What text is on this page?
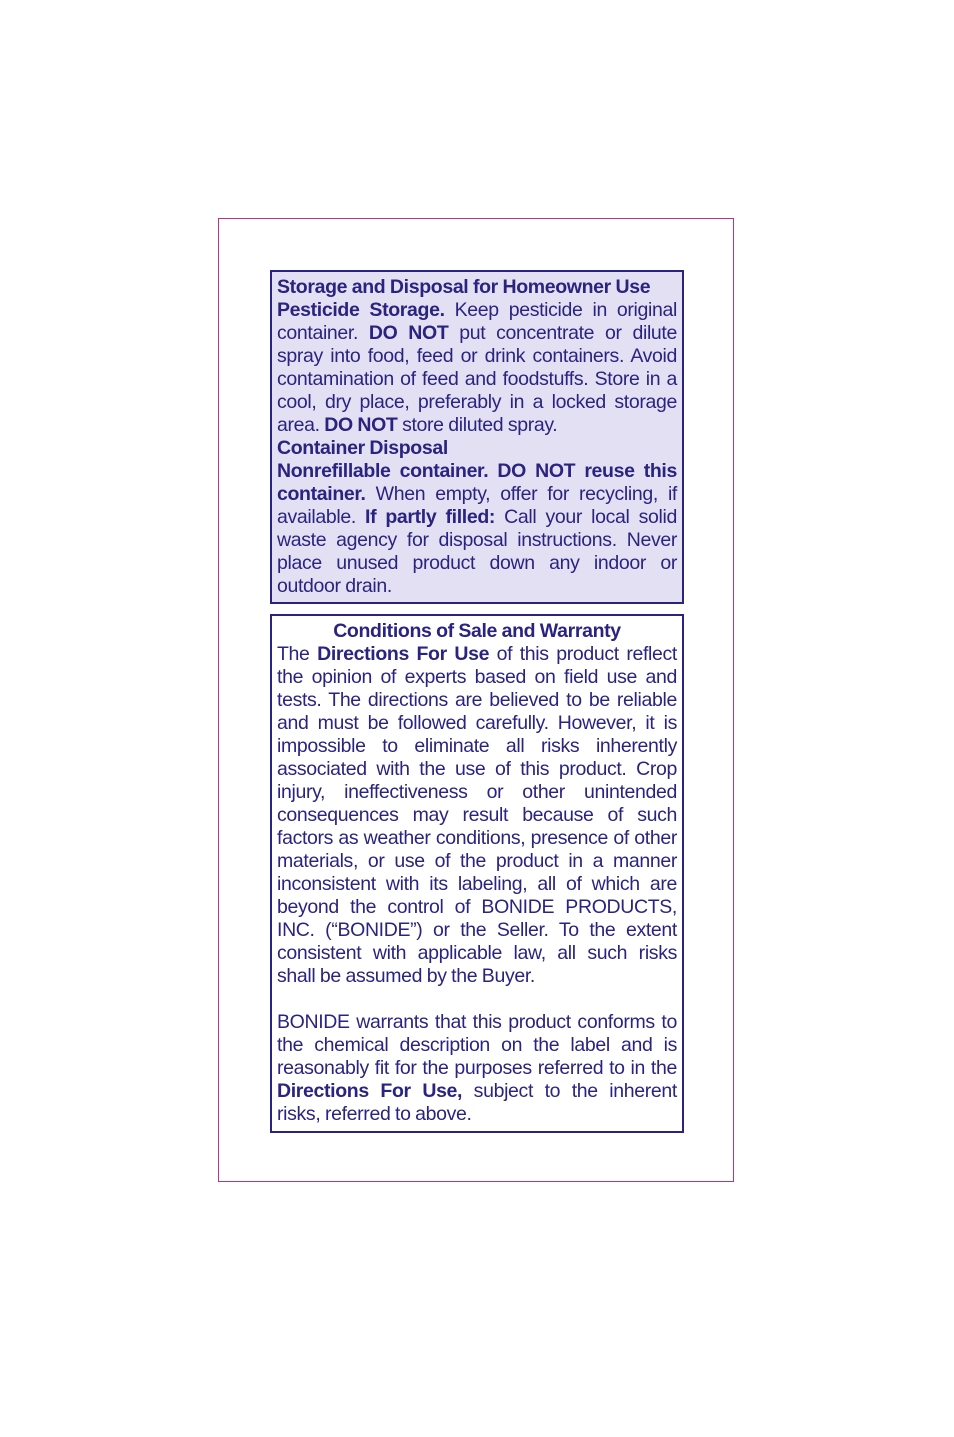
Storage and Disposal for Homeowner Use

Pesticide Storage. Keep pesticide in original container. DO NOT put concentrate or dilute spray into food, feed or drink containers. Avoid contamination of feed and foodstuffs. Store in a cool, dry place, preferably in a locked storage area. DO NOT store diluted spray.

Container Disposal

Nonrefillable container. DO NOT reuse this container. When empty, offer for recycling, if available. If partly filled: Call your local solid waste agency for disposal instructions. Never place unused product down any indoor or outdoor drain.

Conditions of Sale and Warranty

The Directions For Use of this product reflect the opinion of experts based on field use and tests. The directions are believed to be reliable and must be followed carefully. However, it is impossible to eliminate all risks inherently associated with the use of this product. Crop injury, ineffectiveness or other unintended consequences may result because of such factors as weather conditions, presence of other materials, or use of the product in a manner inconsistent with its labeling, all of which are beyond the control of BONIDE PRODUCTS, INC. (“BONIDE”) or the Seller. To the extent consistent with applicable law, all such risks shall be assumed by the Buyer.

BONIDE warrants that this product conforms to the chemical description on the label and is reasonably fit for the purposes referred to in the Directions For Use, subject to the inherent risks, referred to above.
